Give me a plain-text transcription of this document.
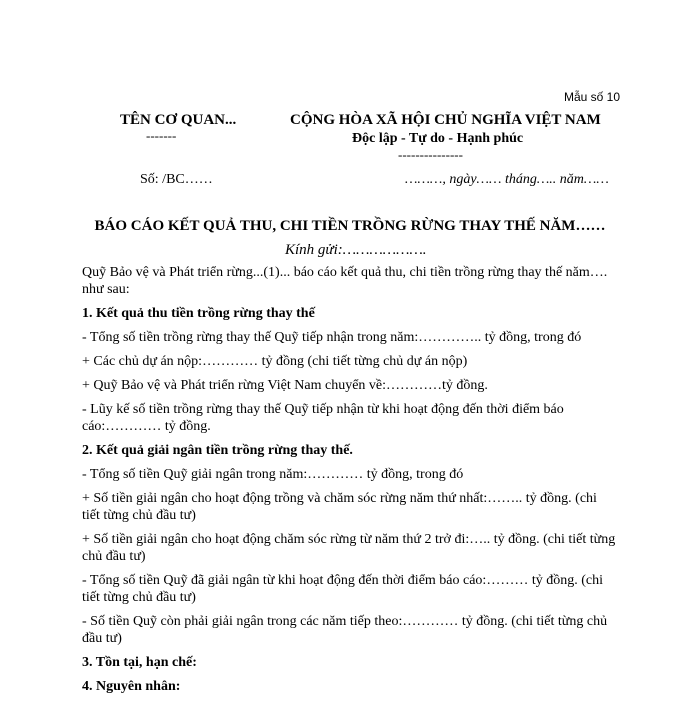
Mẫu số 10
TÊN CƠ QUAN...
-------
CỘNG HÒA XÃ HỘI CHỦ NGHĨA VIỆT NAM
Độc lập - Tự do - Hạnh phúc
---------------
Số: /BC……	………, ngày…… tháng….. năm……
BÁO CÁO KẾT QUẢ THU, CHI TIỀN TRỒNG RỪNG THAY THẾ NĂM……
Kính gửi:……………….

Quỹ Bảo vệ và Phát triển rừng...(1)... báo cáo kết quả thu, chi tiền trồng rừng thay thế năm…. như sau:

1. Kết quả thu tiền trồng rừng thay thế

- Tổng số tiền trồng rừng thay thế Quỹ tiếp nhận trong năm:………….. tỷ đồng, trong đó

+ Các chủ dự án nộp:………… tỷ đồng (chi tiết từng chủ dự án nộp)

+ Quỹ Bảo vệ và Phát triển rừng Việt Nam chuyển về:…………tỷ đồng.

- Lũy kế số tiền trồng rừng thay thế Quỹ tiếp nhận từ khi hoạt động đến thời điểm báo cáo:………… tỷ đồng.

2. Kết quả giải ngân tiền trồng rừng thay thế.

- Tổng số tiền Quỹ giải ngân trong năm:………… tỷ đồng, trong đó

+ Số tiền giải ngân cho hoạt động trồng và chăm sóc rừng năm thứ nhất:…….. tỷ đồng. (chi tiết từng chủ đầu tư)

+ Số tiền giải ngân cho hoạt động chăm sóc rừng từ năm thứ 2 trở đi:….. tỷ đồng. (chi tiết từng chủ đầu tư)

- Tổng số tiền Quỹ đã giải ngân từ khi hoạt động đến thời điểm báo cáo:……… tỷ đồng. (chi tiết từng chủ đầu tư)

- Số tiền Quỹ còn phải giải ngân trong các năm tiếp theo:………… tỷ đồng. (chi tiết từng chủ đầu tư)

3. Tồn tại, hạn chế:

4. Nguyên nhân:
